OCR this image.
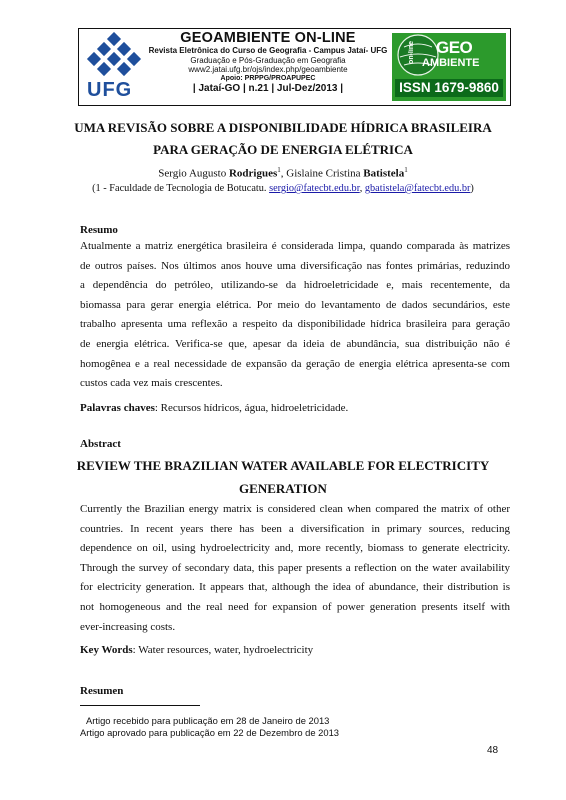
UFG
GEOAMBIENTE ON-LINE
Revista Eletrônica do Curso de Geografia - Campus Jataí- UFG
Graduação e Pós-Graduação em Geografia
www2.jatai.ufg.br/ojs/index.php/geoambiente
Apoio: PRPPG/PROAPUPEC
| Jataí-GO | n.21 | Jul-Dez/2013 |
on-line GEO
AMBIENTE
ISSN 1679-9860
UMA REVISÃO SOBRE A DISPONIBILIDADE HÍDRICA BRASILEIRA
PARA GERAÇÃO DE ENERGIA ELÉTRICA
Sergio Augusto Rodrigues$^1$, Gislaine Cristina Batistela$^1$
(1 - Faculdade de Tecnologia de Botucatu. sergio@fatecbt.edu.br, gbatistela@fatecbt.edu.br)
Resumo
Atualmente a matriz energética brasileira é considerada limpa, quando comparada às matrizes
de outros países. Nos últimos anos houve uma diversificação nas fontes primárias, reduzindo
a dependência do petróleo, utilizando-se da hidroeletricidade e, mais recentemente, da
biomassa para gerar energia elétrica. Por meio do levantamento de dados secundários, este
trabalho apresenta uma reflexão a respeito da disponibilidade hídrica brasileira para geração
de energia elétrica. Verifica-se que, apesar da ideia de abundância, sua distribuição não é
homogênea e a real necessidade de expansão da geração de energia elétrica apresenta-se com
custos cada vez mais crescentes.
Palavras chaves: Recursos hídricos, água, hidroeletricidade.
Abstract
REVIEW THE BRAZILIAN WATER AVAILABLE FOR ELECTRICITY
GENERATION
Currently the Brazilian energy matrix is considered clean when compared the matrix of other
countries. In recent years there has been a diversification in primary sources, reducing
dependence on oil, using hydroelectricity and, more recently, biomass to generate electricity.
Through the survey of secondary data, this paper presents a reflection on the water availability
for electricity generation. It appears that, although the idea of abundance, their distribution is
not homogeneous and the real need for expansion of power generation presents itself with
ever-increasing costs.
Key Words: Water resources, water, hydroelectricity
Resumen
Artigo recebido para publicação em 28 de Janeiro de 2013
Artigo aprovado para publicação em 22 de Dezembro de 2013
48
